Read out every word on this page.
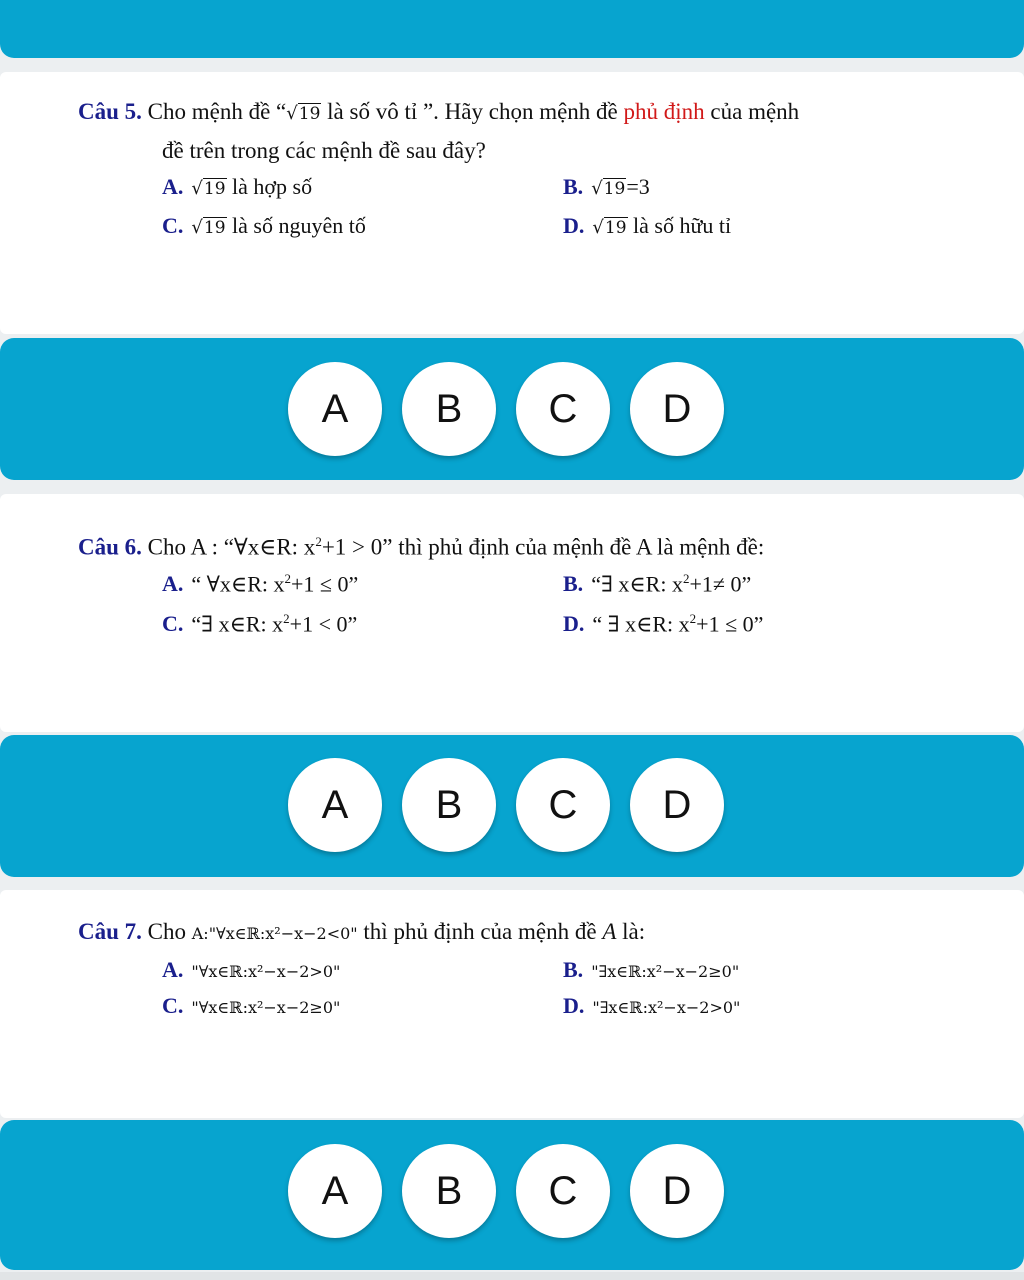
Câu 5. Cho mệnh đề “√19 là số vô tỉ ”. Hãy chọn mệnh đề phủ định của mệnh
đề trên trong các mệnh đề sau đây?
A. √19 là hợp số	B. √19=3
C. √19 là số nguyên tố	D. √19 là số hữu tỉ
A	B	C	D
Câu 6. Cho A : “∀x∈R: $x^2+1 > 0$” thì phủ định của mệnh đề A là mệnh đề:
A. “ ∀x∈R: $x^2+1 \le 0$”	B. “∃ x∈R: $x^2+1\ne 0$”
C. “∃ x∈R: $x^2+1 < 0$”	D. “ ∃ x∈R: $x^2+1 \le 0$”
A	B	C	D
Câu 7. Cho A:"∀x∈ℝ:x²−x−2<0" thì phủ định của mệnh đề A là:
A. "∀x∈ℝ:x²−x−2>0"	B. "∃x∈ℝ:x²−x−2≥0"
C. "∀x∈ℝ:x²−x−2≥0"	D. "∃x∈ℝ:x²−x−2>0"
A	B	C	D
